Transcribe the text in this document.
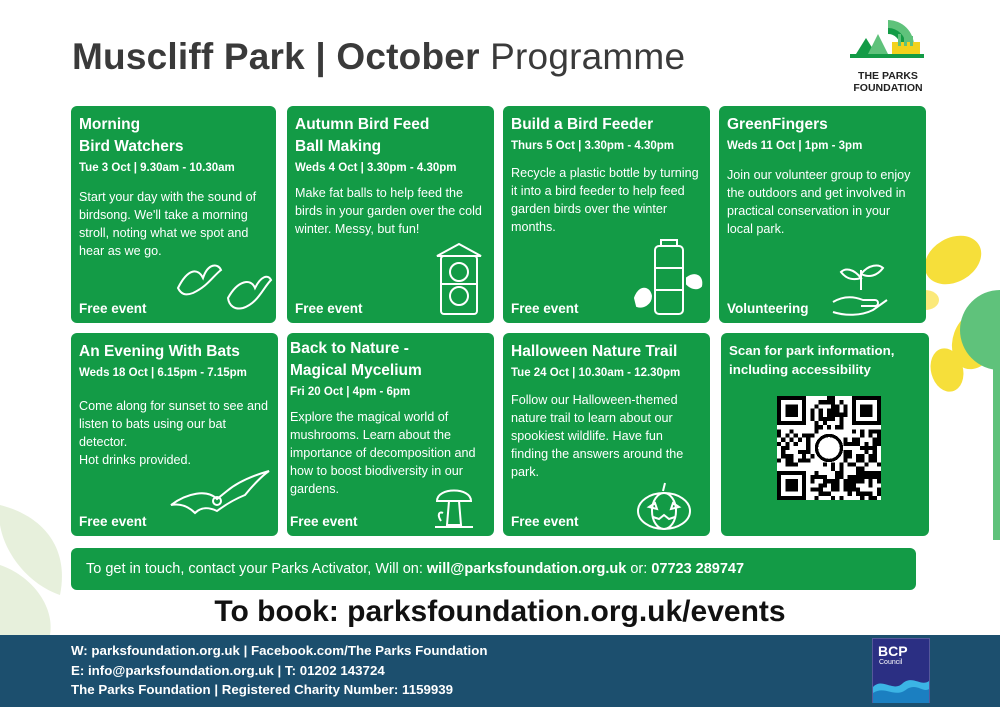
Muscliff Park | October Programme	THE PARKS
FOUNDATION
Morning
Bird Watchers
Tue 3 Oct | 9.30am - 10.30am
Start your day with the sound of birdsong. We'll take a morning stroll, noting what we spot and hear as we go.
Free event
Autumn Bird Feed
Ball Making
Weds 4 Oct | 3.30pm - 4.30pm
Make fat balls to help feed the birds in your garden over the cold winter. Messy, but fun!
Free event
Build a Bird Feeder
Thurs 5 Oct | 3.30pm - 4.30pm
Recycle a plastic bottle by turning it into a bird feeder to help feed garden birds over the winter months.
Free event
GreenFingers
Weds 11 Oct | 1pm - 3pm
Join our volunteer group to enjoy the outdoors and get involved in practical conservation in your local park.
Volunteering
An Evening With Bats
Weds 18 Oct | 6.15pm - 7.15pm
Come along for sunset to see and listen to bats using our bat detector.
Hot drinks provided.
Free event
Back to Nature -
Magical Mycelium
Fri 20 Oct | 4pm - 6pm
Explore the magical world of mushrooms. Learn about the importance of decomposition and how to boost biodiversity in our gardens.
Free event
Halloween Nature Trail
Tue 24 Oct | 10.30am - 12.30pm
Follow our Halloween-themed nature trail to learn about our spookiest wildlife. Have fun finding the answers around the park.
Free event
Scan for park information, including accessibility
To get in touch, contact your Parks Activator, Will on: will@parksfoundation.org.uk or: 07723 289747
To book: parksfoundation.org.uk/events
W: parksfoundation.org.uk | Facebook.com/The Parks Foundation
E: info@parksfoundation.org.uk | T: 01202 143724
The Parks Foundation | Registered Charity Number: 1159939
BCP
Council
